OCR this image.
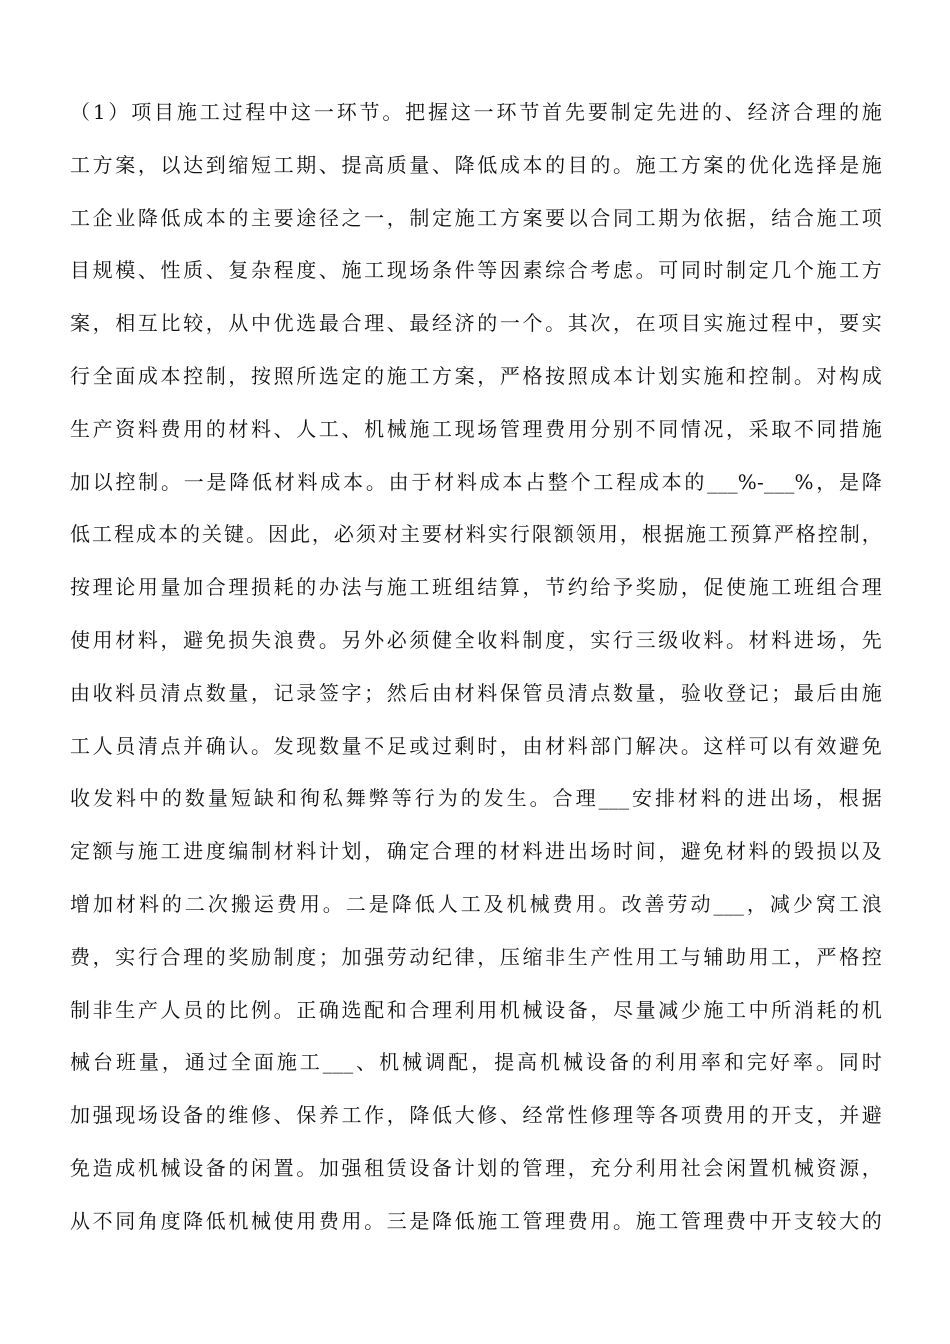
（1）项目施工过程中这一环节。把握这一环节首先要制定先进的、经济合理的施
工方案，以达到缩短工期、提高质量、降低成本的目的。施工方案的优化选择是施
工企业降低成本的主要途径之一，制定施工方案要以合同工期为依据，结合施工项
目规模、性质、复杂程度、施工现场条件等因素综合考虑。可同时制定几个施工方
案，相互比较，从中优选最合理、最经济的一个。其次，在项目实施过程中，要实
行全面成本控制，按照所选定的施工方案，严格按照成本计划实施和控制。对构成
生产资料费用的材料、人工、机械施工现场管理费用分别不同情况，采取不同措施
加以控制。一是降低材料成本。由于材料成本占整个工程成本的___%-___%，是降
低工程成本的关键。因此，必须对主要材料实行限额领用，根据施工预算严格控制，
按理论用量加合理损耗的办法与施工班组结算，节约给予奖励，促使施工班组合理
使用材料，避免损失浪费。另外必须健全收料制度，实行三级收料。材料进场，先
由收料员清点数量，记录签字；然后由材料保管员清点数量，验收登记；最后由施
工人员清点并确认。发现数量不足或过剩时，由材料部门解决。这样可以有效避免
收发料中的数量短缺和徇私舞弊等行为的发生。合理___安排材料的进出场，根据
定额与施工进度编制材料计划，确定合理的材料进出场时间，避免材料的毁损以及
增加材料的二次搬运费用。二是降低人工及机械费用。改善劳动___，减少窝工浪
费，实行合理的奖励制度；加强劳动纪律，压缩非生产性用工与辅助用工，严格控
制非生产人员的比例。正确选配和合理利用机械设备，尽量减少施工中所消耗的机
械台班量，通过全面施工___、机械调配，提高机械设备的利用率和完好率。同时
加强现场设备的维修、保养工作，降低大修、经常性修理等各项费用的开支，并避
免造成机械设备的闲置。加强租赁设备计划的管理，充分利用社会闲置机械资源，
从不同角度降低机械使用费用。三是降低施工管理费用。施工管理费中开支较大的
